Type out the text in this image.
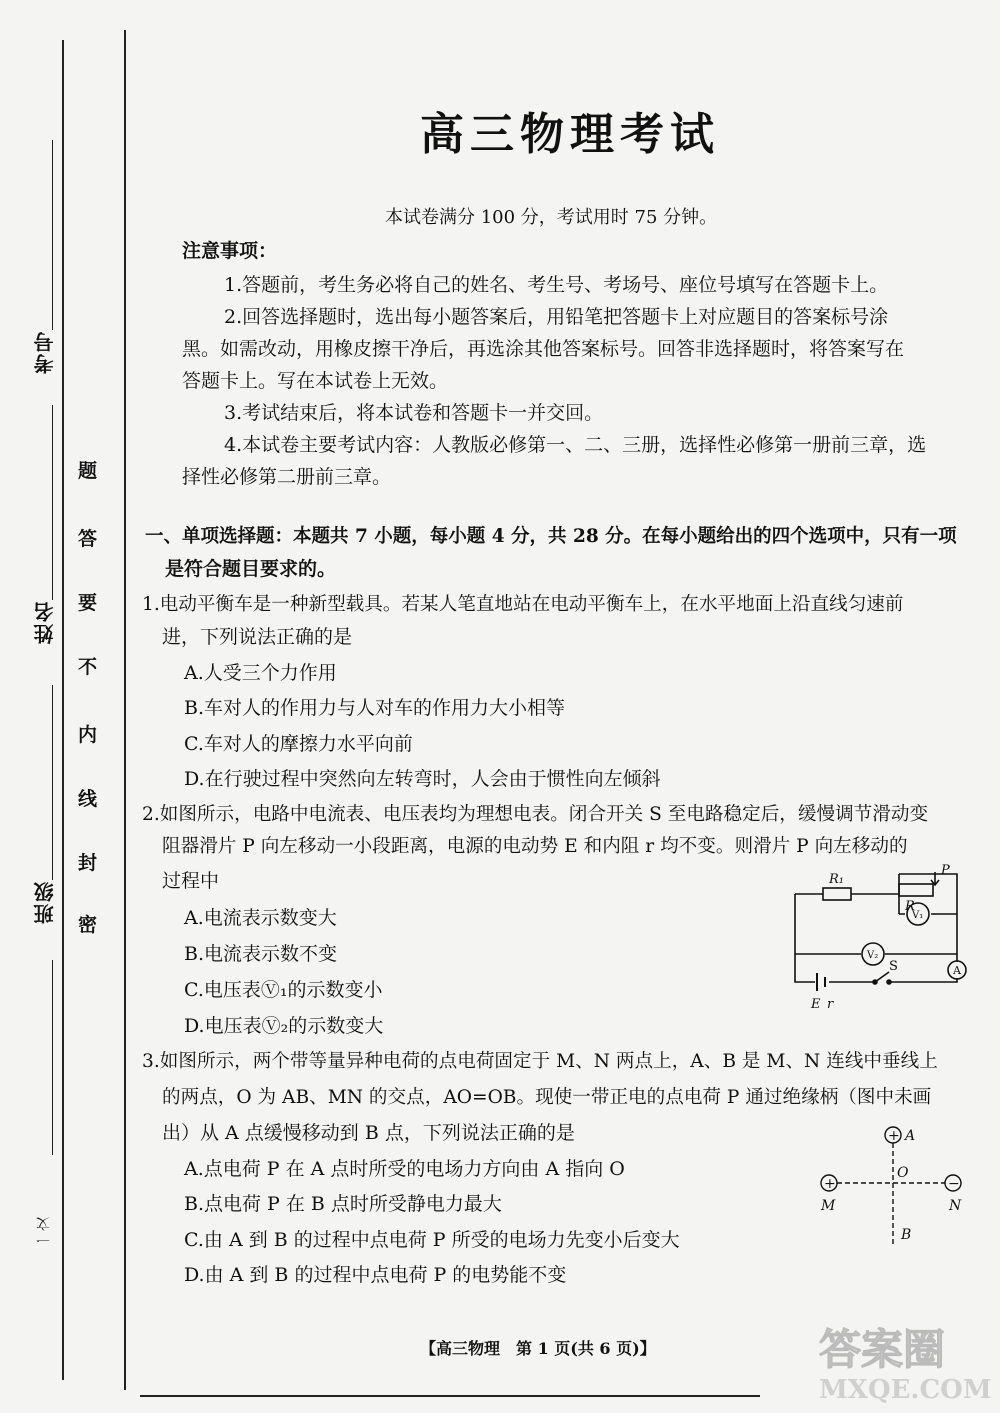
考号
姓名
班级
一文
密
封
线
内
不
要
答
题
高三物理考试
本试卷满分 100 分，考试用时 75 分钟。
注意事项：
1.答题前，考生务必将自己的姓名、考生号、考场号、座位号填写在答题卡上。
2.回答选择题时，选出每小题答案后，用铅笔把答题卡上对应题目的答案标号涂
黑。如需改动，用橡皮擦干净后，再选涂其他答案标号。回答非选择题时，将答案写在
答题卡上。写在本试卷上无效。
3.考试结束后，将本试卷和答题卡一并交回。
4.本试卷主要考试内容：人教版必修第一、二、三册，选择性必修第一册前三章，选
择性必修第二册前三章。
一、单项选择题：本题共 7 小题，每小题 4 分，共 28 分。在每小题给出的四个选项中，只有一项
是符合题目要求的。
1.电动平衡车是一种新型载具。若某人笔直地站在电动平衡车上，在水平地面上沿直线匀速前
进，下列说法正确的是
A.人受三个力作用
B.车对人的作用力与人对车的作用力大小相等
C.车对人的摩擦力水平向前
D.在行驶过程中突然向左转弯时，人会由于惯性向左倾斜
2.如图所示，电路中电流表、电压表均为理想电表。闭合开关 S 至电路稳定后，缓慢调节滑动变
阻器滑片 P 向左移动一小段距离，电源的电动势 E 和内阻 r 均不变。则滑片 P 向左移动的
过程中
A.电流表示数变大
B.电流表示数不变
C.电压表Ⓥ₁的示数变小
D.电压表Ⓥ₂的示数变大
3.如图所示，两个带等量异种电荷的点电荷固定于 M、N 两点上，A、B 是 M、N 连线中垂线上
的两点，O 为 AB、MN 的交点，AO=OB。现使一带正电的点电荷 P 通过绝缘柄（图中未画
出）从 A 点缓慢移动到 B 点，下列说法正确的是
A.点电荷 P 在 A 点时所受的电场力方向由 A 指向 O
B.点电荷 P 在 B 点时所受静电力最大
C.由 A 到 B 的过程中点电荷 P 所受的电场力先变小后变大
D.由 A 到 B 的过程中点电荷 P 的电势能不变
R₁
R
P
V₁
V₂
A
S
E r
+
+	−
A
O
M	N
B
【高三物理　第 1 页(共 6 页)】	答案圈
MXQE.COM
